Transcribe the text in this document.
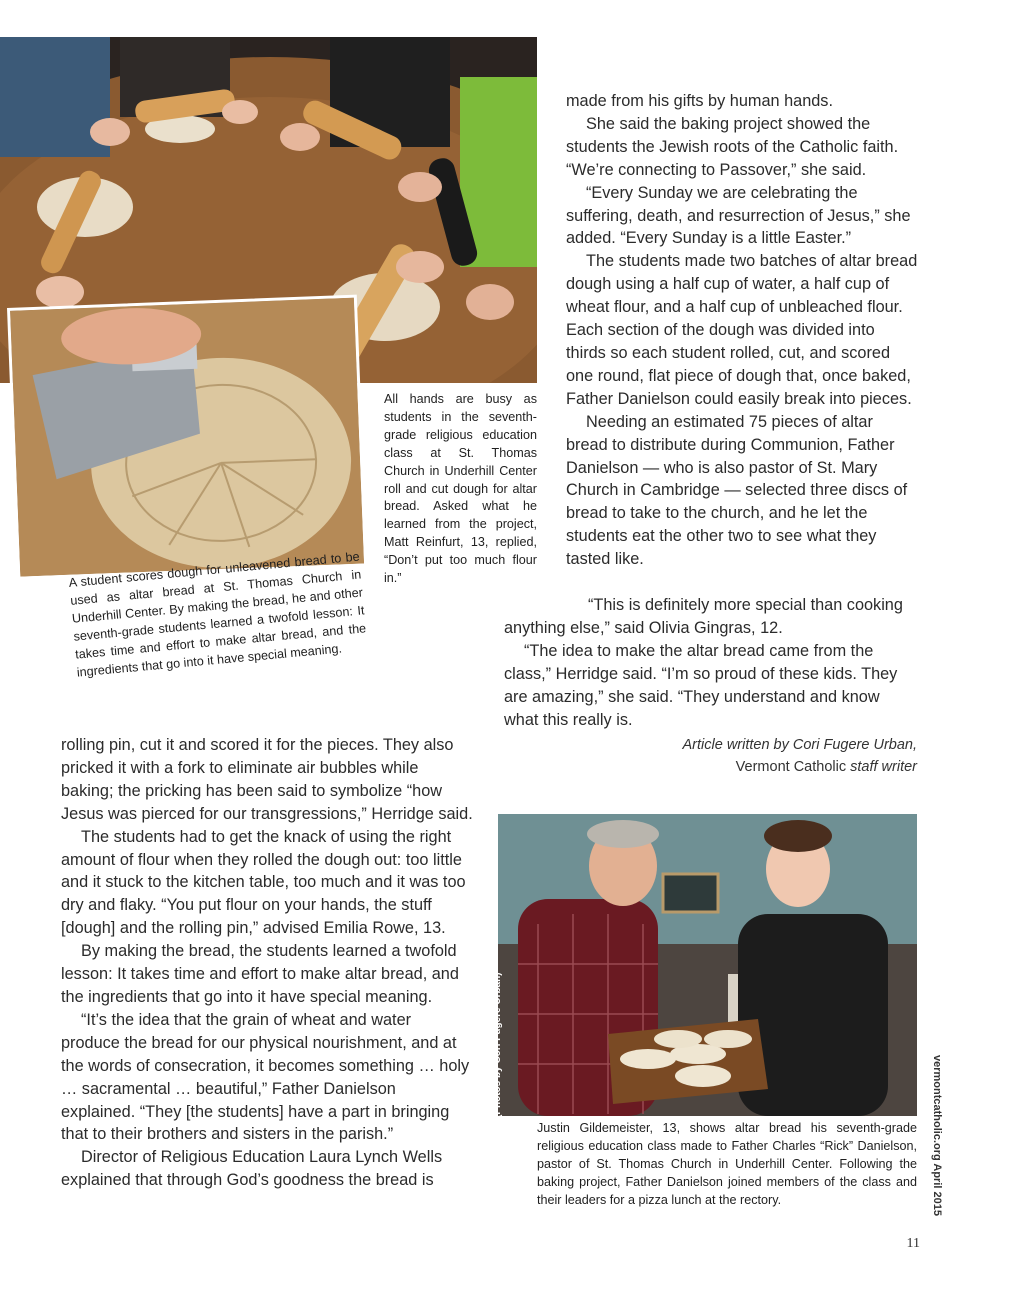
(Photos by Cori Fugere Urban)

All hands are busy as students in the seventh-grade religious education class at St. Thomas Church in Underhill Center roll and cut dough for altar bread. Asked what he learned from the project, Matt Reinfurt, 13, replied, “Don’t put too much flour in.”

A student scores dough for unleavened bread to be used as altar bread at St. Thomas Church in Underhill Center. By making the bread, he and other seventh-grade students learned a twofold lesson: It takes time and effort to make altar bread, and the ingredients that go into it have special meaning.

made from his gifts by human hands.

She said the baking project showed the students the Jewish roots of the Catholic faith. “We’re connecting to Passover,” she said.

“Every Sunday we are celebrating the suffering, death, and resurrection of Jesus,” she added. “Every Sunday is a little Easter.”

The students made two batches of altar bread dough using a half cup of water, a half cup of wheat flour, and a half cup of unbleached flour. Each section of the dough was divided into thirds so each student rolled, cut, and scored one round, flat piece of dough that, once baked, Father Danielson could easily break into pieces.

Needing an estimated 75 pieces of altar bread to distribute during Communion, Father Danielson — who is also pastor of St. Mary Church in Cambridge — selected three discs of bread to take to the church, and he let the students eat the other two to see what they tasted like.

“This is definitely more special than cooking anything else,” said Olivia Gingras, 12.

“The idea to make the altar bread came from the class,” Herridge said. “I’m so proud of these kids. They are amazing,” she said. “They understand and know what this really is.

Article written by Cori Fugere Urban,
Vermont Catholic staff writer

rolling pin, cut it and scored it for the pieces. They also pricked it with a fork to eliminate air bubbles while baking; the pricking has been said to symbolize “how Jesus was pierced for our transgressions,” Herridge said.

The students had to get the knack of using the right amount of flour when they rolled the dough out: too little and it stuck to the kitchen table, too much and it was too dry and flaky. “You put flour on your hands, the stuff [dough] and the rolling pin,” advised Emilia Rowe, 13.

By making the bread, the students learned a twofold lesson: It takes time and effort to make altar bread, and the ingredients that go into it have special meaning.

“It’s the idea that the grain of wheat and water produce the bread for our physical nourishment, and at the words of consecration, it becomes something … holy … sacramental … beautiful,” Father Danielson explained. “They [the students] have a part in bringing that to their brothers and sisters in the parish.”

Director of Religious Education Laura Lynch Wells explained that through God’s goodness the bread is

Justin Gildemeister, 13, shows altar bread his seventh-grade religious education class made to Father Charles “Rick” Danielson, pastor of St. Thomas Church in Underhill Center. Following the baking project, Father Danielson joined members of the class and their leaders for a pizza lunch at the rectory.	vermontcatholic.org April 2015
11
